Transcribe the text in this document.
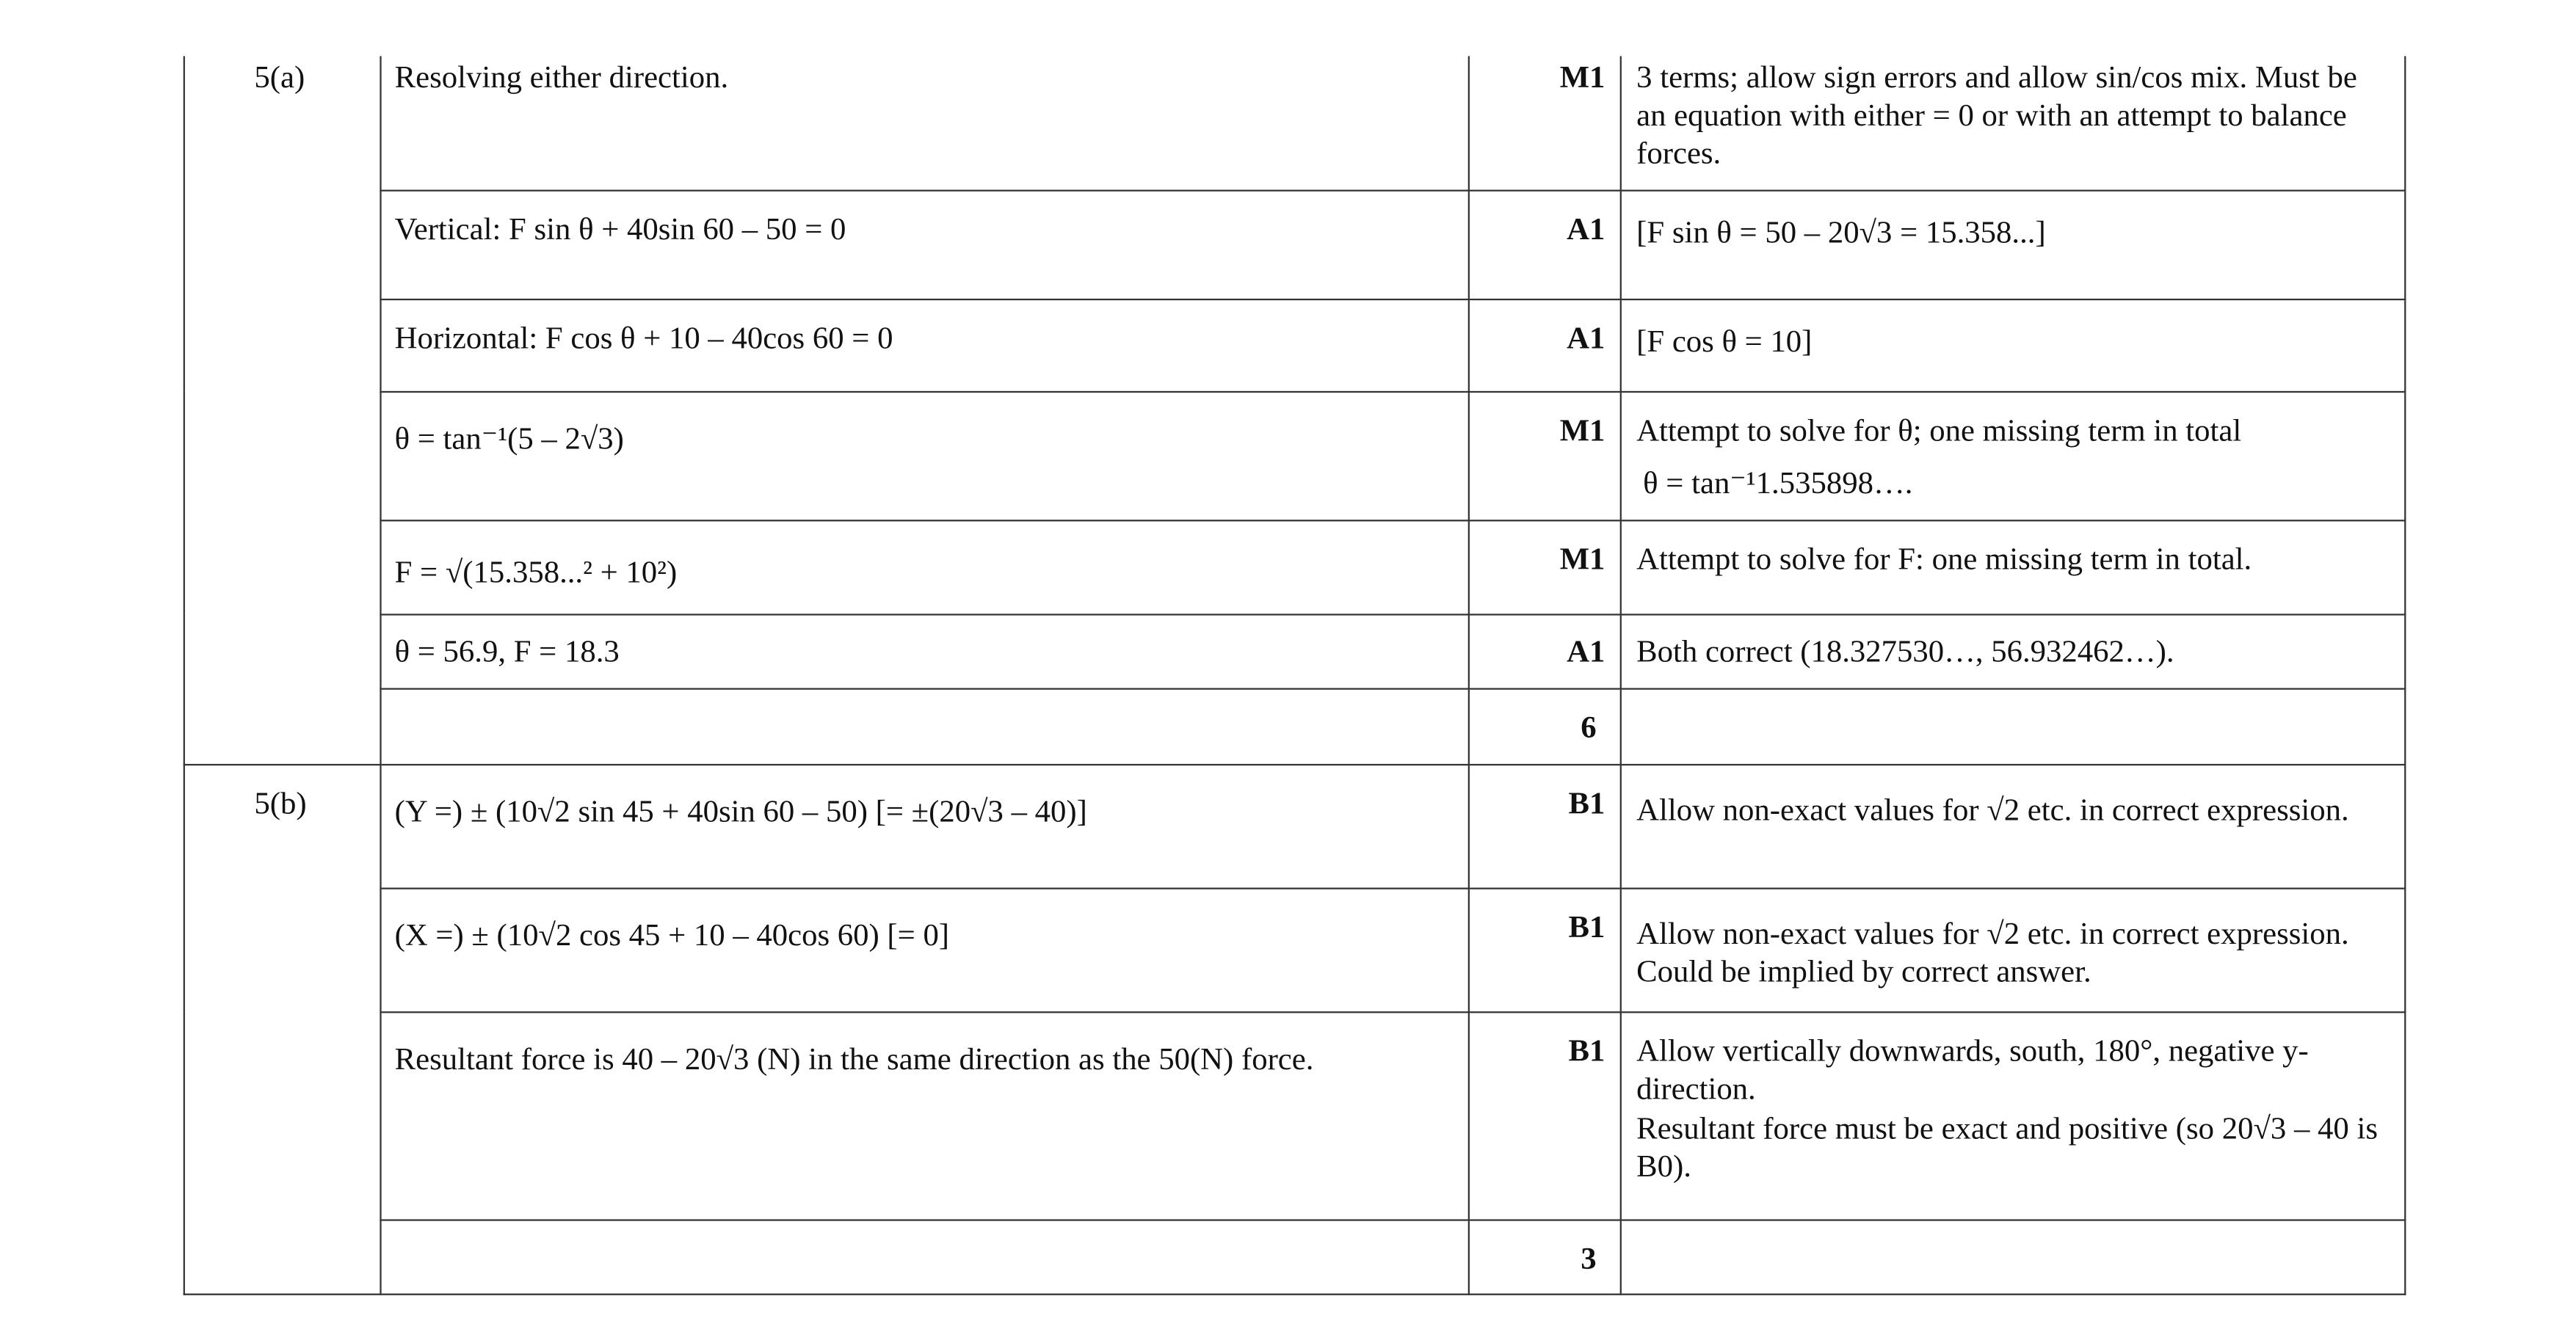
5(a)	Resolving either direction.	M1	3 terms; allow sign errors and allow sin/cos mix. Must be an equation with either = 0 or with an attempt to balance forces.

	Vertical: F sin θ + 40sin 60 – 50 = 0	A1	[F sin θ = 50 – 20√3 = 15.358...]

	Horizontal: F cos θ + 10 – 40cos 60 = 0	A1	[F cos θ = 10]

	θ = tan⁻¹(5 – 2√3)	M1	Attempt to solve for θ; one missing term in total
θ = tan⁻¹1.535898….

	F = √(15.358...² + 10²)	M1	Attempt to solve for F: one missing term in total.

	θ = 56.9, F = 18.3	A1	Both correct (18.327530…, 56.932462…).

		6	

5(b)	(Y =) ± (10√2 sin 45 + 40sin 60 – 50) [= ±(20√3 – 40)]	B1	Allow non-exact values for √2 etc. in correct expression.

	(X =) ± (10√2 cos 45 + 10 – 40cos 60) [= 0]	B1	Allow non-exact values for √2 etc. in correct expression. Could be implied by correct answer.

	Resultant force is 40 – 20√3 (N) in the same direction as the 50(N) force.	B1	Allow vertically downwards, south, 180°, negative y-direction.
Resultant force must be exact and positive (so 20√3 – 40 is B0).

		3	
